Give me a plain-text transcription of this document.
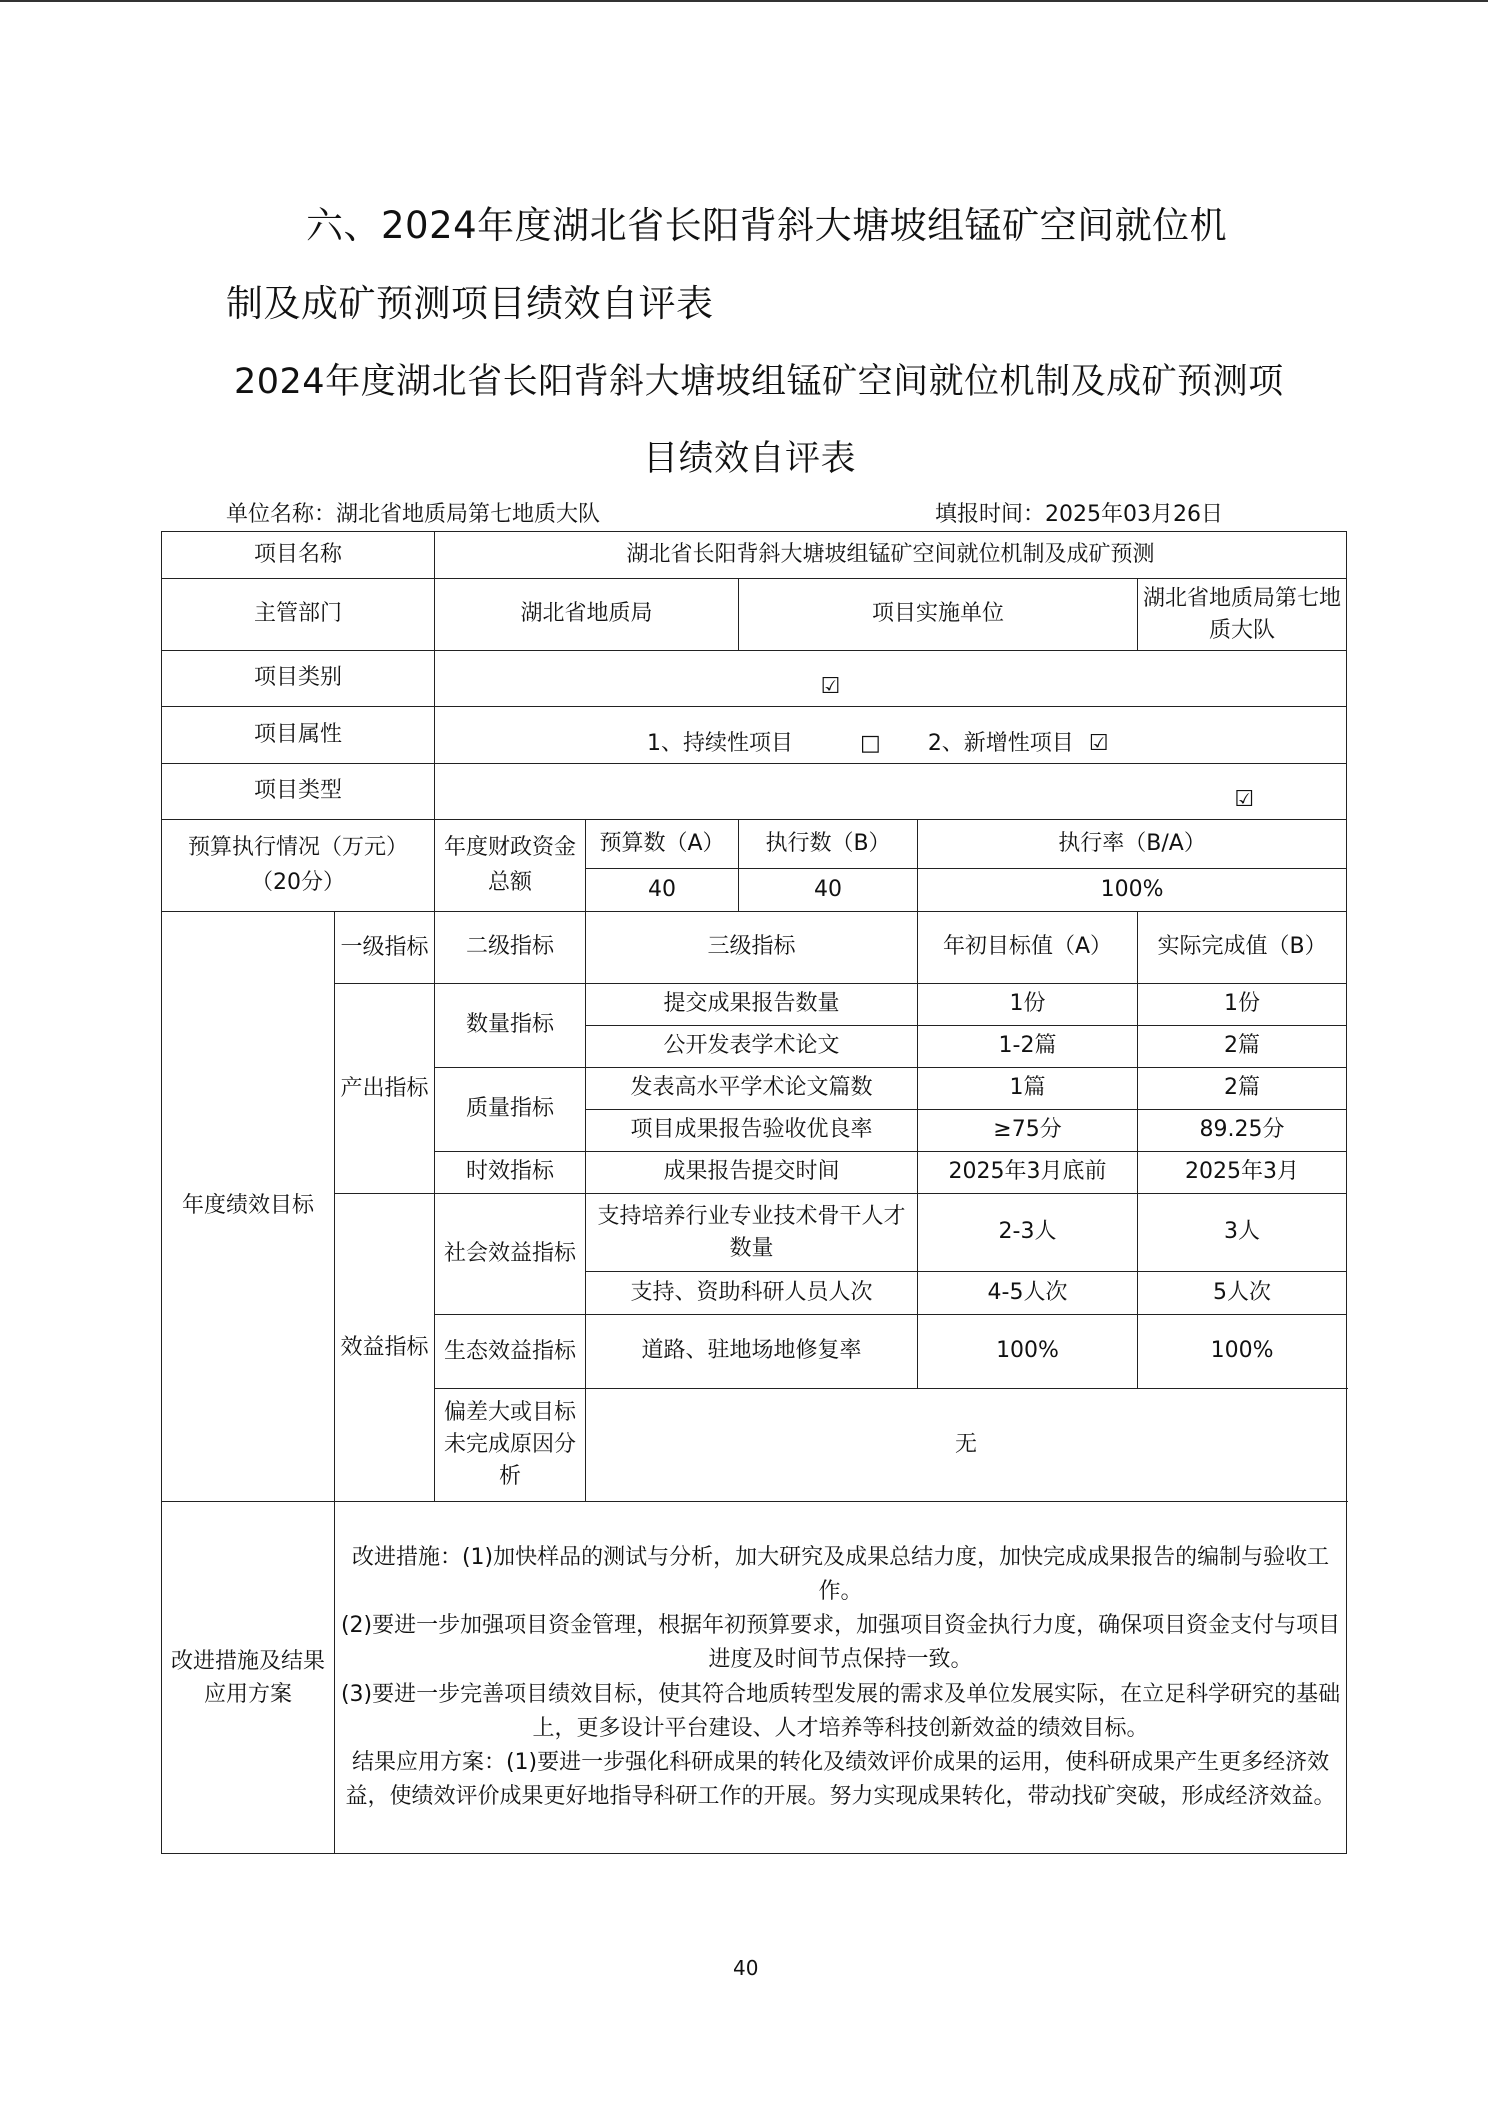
六、2024年度湖北省长阳背斜大塘坡组锰矿空间就位机
制及成矿预测项目绩效自评表
2024年度湖北省长阳背斜大塘坡组锰矿空间就位机制及成矿预测项
目绩效自评表
单位名称：湖北省地质局第七地质大队	填报时间：2025年03月26日
项目名称		湖北省长阳背斜大塘坡组锰矿空间就位机制及成矿预测				
主管部门		湖北省地质局		项目实施单位		湖北省地质局第七地质大队
项目类别		☑				
项目属性		1、持续性项目 □ 2、新增性项目 ☑				
项目类型		☑				

预算执行情况（万元）
（20分）		年度财政资金总额	预算数（A）	执行数（B）	执行率（B/A）	
			40	40	100%	
年度绩效目标	一级指标	二级指标	三级指标		年初目标值（A）	实际完成值（B）
	产出指标	数量指标	提交成果报告数量		1份	1份
			公开发表学术论文		1-2篇	2篇
		质量指标	发表高水平学术论文篇数		1篇	2篇
			项目成果报告验收优良率		≥75分	89.25分
		时效指标	成果报告提交时间		2025年3月底前	2025年3月
	效益指标	社会效益指标	支持培养行业专业技术骨干人才数量		2-3人	3人
			支持、资助科研人员人次		4-5人次	5人次
		生态效益指标	道路、驻地场地修复率		100%	100%
		偏差大或目标未完成原因分析	无			
改进措施及结果应用方案	改进措施：(1)加快样品的测试与分析，加大研究及成果总结力度，加快完成成果报告的编制与验收工作。
(2)要进一步加强项目资金管理，根据年初预算要求，加强项目资金执行力度，确保项目资金支付与项目进度及时间节点保持一致。
(3)要进一步完善项目绩效目标，使其符合地质转型发展的需求及单位发展实际，在立足科学研究的基础上，更多设计平台建设、人才培养等科技创新效益的绩效目标。
结果应用方案：(1)要进一步强化科研成果的转化及绩效评价成果的运用，使科研成果产生更多经济效益，使绩效评价成果更好地指导科研工作的开展。努力实现成果转化，带动找矿突破，形成经济效益。					
40
